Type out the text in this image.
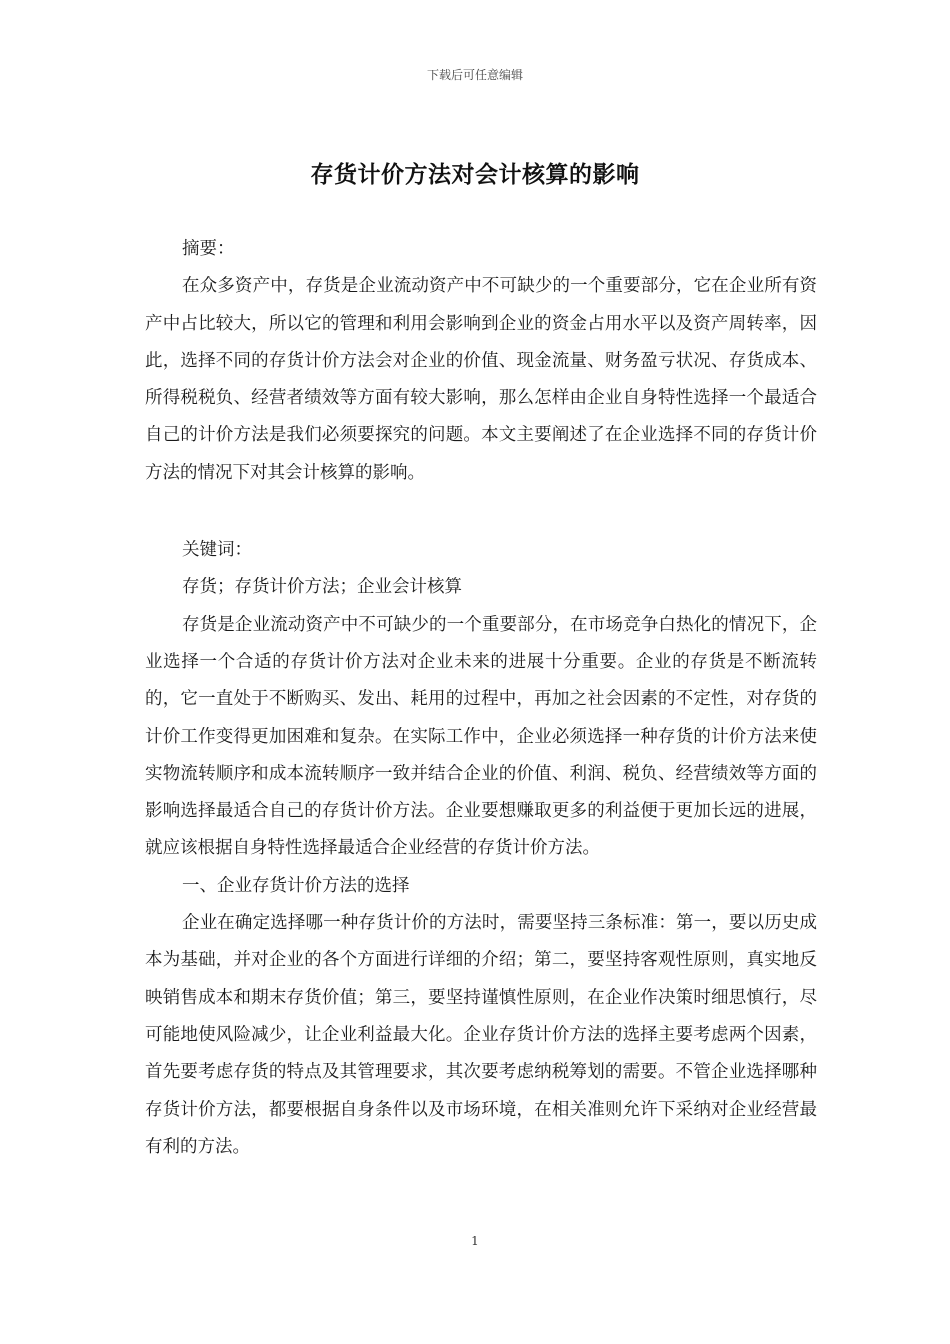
下载后可任意编辑
存货计价方法对会计核算的影响

摘要：

在众多资产中，存货是企业流动资产中不可缺少的一个重要部分，它在企业所有资产中占比较大，所以它的管理和利用会影响到企业的资金占用水平以及资产周转率，因此，选择不同的存货计价方法会对企业的价值、现金流量、财务盈亏状况、存货成本、所得税税负、经营者绩效等方面有较大影响，那么怎样由企业自身特性选择一个最适合自己的计价方法是我们必须要探究的问题。本文主要阐述了在企业选择不同的存货计价方法的情况下对其会计核算的影响。

关键词：

存货；存货计价方法；企业会计核算

存货是企业流动资产中不可缺少的一个重要部分，在市场竞争白热化的情况下，企业选择一个合适的存货计价方法对企业未来的进展十分重要。企业的存货是不断流转的，它一直处于不断购买、发出、耗用的过程中，再加之社会因素的不定性，对存货的计价工作变得更加困难和复杂。在实际工作中，企业必须选择一种存货的计价方法来使实物流转顺序和成本流转顺序一致并结合企业的价值、利润、税负、经营绩效等方面的影响选择最适合自己的存货计价方法。企业要想赚取更多的利益便于更加长远的进展，就应该根据自身特性选择最适合企业经营的存货计价方法。

一、企业存货计价方法的选择

企业在确定选择哪一种存货计价的方法时，需要坚持三条标准：第一，要以历史成本为基础，并对企业的各个方面进行详细的介绍；第二，要坚持客观性原则，真实地反映销售成本和期末存货价值；第三，要坚持谨慎性原则，在企业作决策时细思慎行，尽可能地使风险减少，让企业利益最大化。企业存货计价方法的选择主要考虑两个因素，首先要考虑存货的特点及其管理要求，其次要考虑纳税筹划的需要。不管企业选择哪种存货计价方法，都要根据自身条件以及市场环境，在相关准则允许下采纳对企业经营最有利的方法。

1
